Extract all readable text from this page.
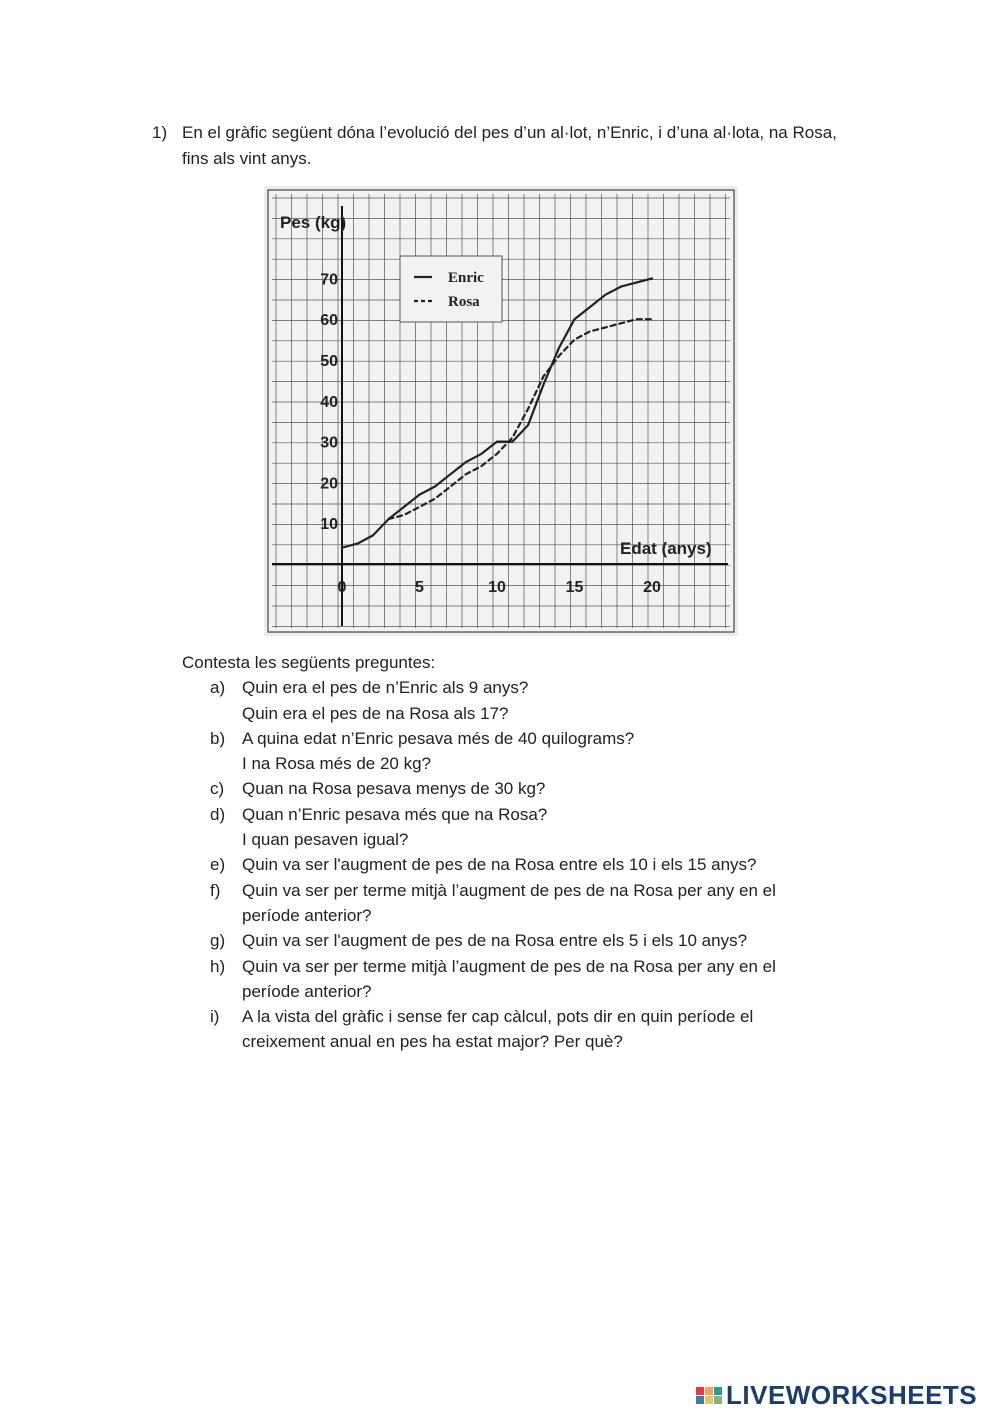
1) En el gràfic següent dóna l’evolució del pes d’un al·lot, n’Enric, i d’una al·lota, na Rosa, fins als vint anys.
Pes (kg)
Edat (anys)
10
20
30
40
50
60
70
0	5	10	15	20
Enric
Rosa
Contesta les següents preguntes:
a) Quin era el pes de n’Enric als 9 anys?
Quin era el pes de na Rosa als 17?
b) A quina edat n’Enric pesava més de 40 quilograms?
I na Rosa més de 20 kg?
c) Quan na Rosa pesava menys de 30 kg?
d) Quan n’Enric pesava més que na Rosa?
I quan pesaven igual?
e) Quin va ser l'augment de pes de na Rosa entre els 10 i els 15 anys?
f) Quin va ser per terme mitjà l’augment de pes de na Rosa per any en el
període anterior?
g) Quin va ser l'augment de pes de na Rosa entre els 5 i els 10 anys?
h) Quin va ser per terme mitjà l’augment de pes de na Rosa per any en el
període anterior?
i) A la vista del gràfic i sense fer cap càlcul, pots dir en quin període el
creixement anual en pes ha estat major? Per què?
LIVEWORKSHEETS
